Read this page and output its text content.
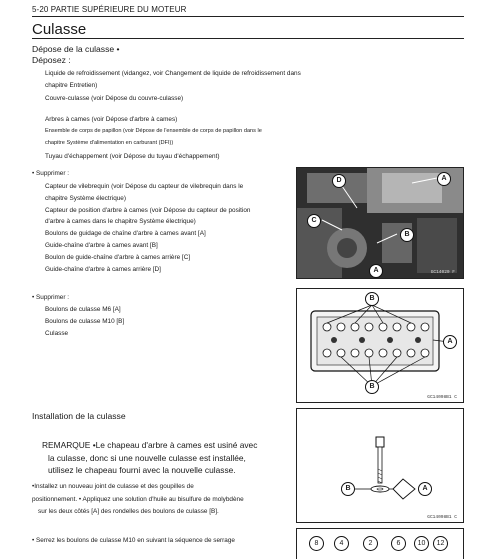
5-20 PARTIE SUPÉRIEURE DU MOTEUR
Culasse
Dépose de la culasse •
Déposez :
Liquide de refroidissement (vidangez, voir Changement de liquide de refroidissement dans
chapitre Entretien)
Couvre-culasse (voir Dépose du couvre-culasse)
Arbres à cames (voir Dépose d'arbre à cames)
Ensemble de corps de papillon (voir Dépose de l'ensemble de corps de papillon dans le
chapitre Système d'alimentation en carburant (DFI))
Tuyau d'échappement (voir Dépose du tuyau d'échappement)
• Supprimer :
Capteur de vilebrequin (voir Dépose du capteur de vilebrequin dans le
chapitre Système électrique)
Capteur de position d'arbre à cames (voir Dépose du capteur de position
d'arbre à cames dans le chapitre Système électrique)
Boulons de guidage de chaîne d'arbre à cames avant [A]
Guide-chaîne d'arbre à cames avant [B]
Boulon de guide-chaîne d'arbre à cames arrière [C]
Guide-chaîne d'arbre à cames arrière [D]
• Supprimer :
Boulons de culasse M6 [A]
Boulons de culasse M10 [B]
Culasse
Installation de la culasse
REMARQUE •Le chapeau d'arbre à cames est usiné avec
la culasse, donc si une nouvelle culasse est installée,
utilisez le chapeau fourni avec la nouvelle culasse.
•Installez un nouveau joint de culasse et des goupilles de
positionnement. • Appliquez une solution d'huile au bisulfure de molybdène
sur les deux côtés [A] des rondelles des boulons de culasse [B].
• Serrez les boulons de culasse M10 en suivant la séquence de serrage
A
B
C
D
A	GC14020 F
B
A
B
GC14098B1 C
A
B
GC14098B1 C
8	4	2	6	10	12
